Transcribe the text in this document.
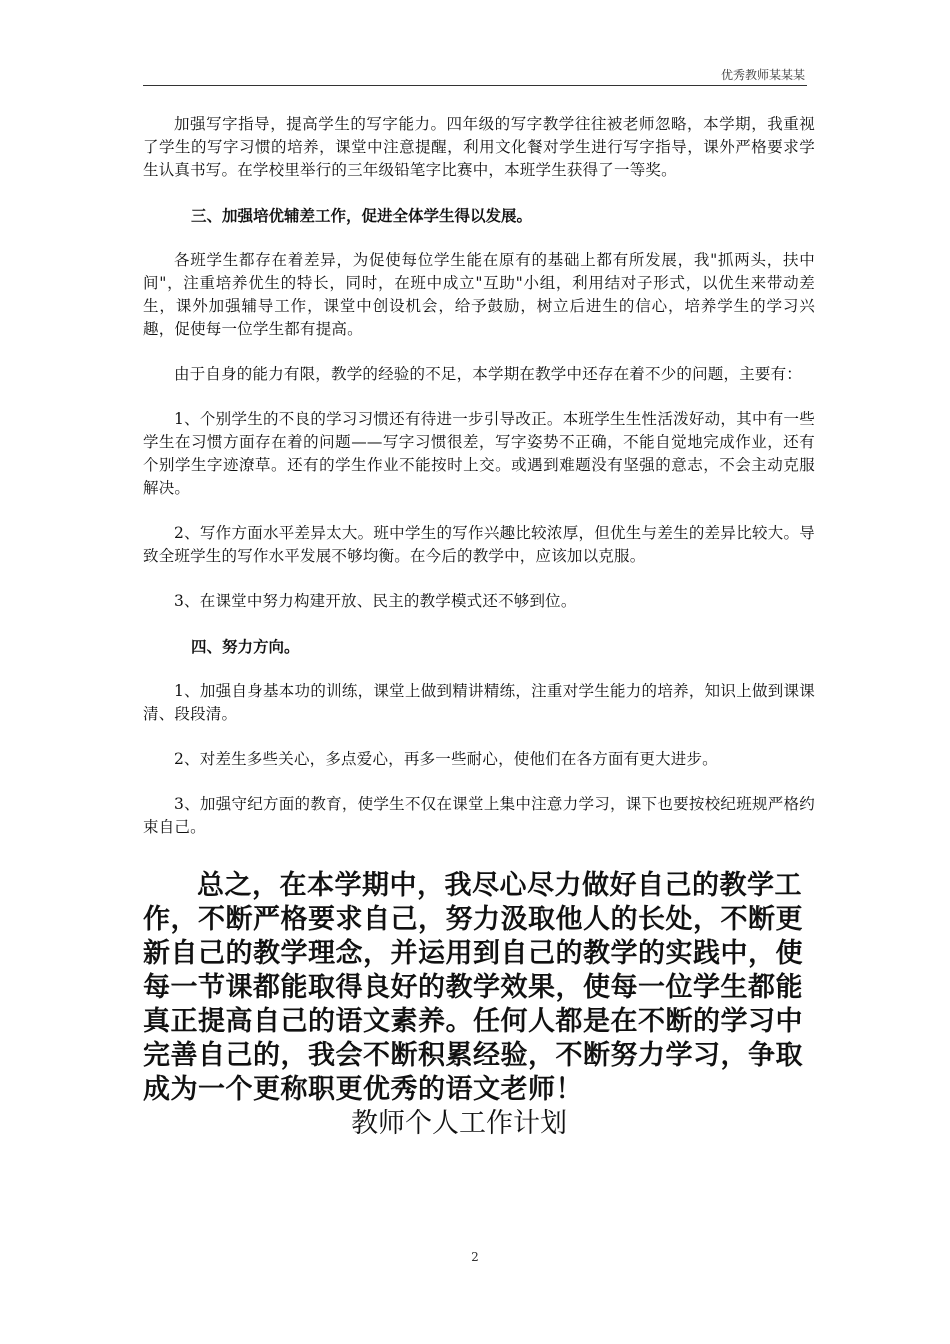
优秀教师某某某

加强写字指导，提高学生的写字能力。四年级的写字教学往往被老师忽略，本学期，我重视了学生的写字习惯的培养，课堂中注意提醒，利用文化餐对学生进行写字指导，课外严格要求学生认真书写。在学校里举行的三年级铅笔字比赛中，本班学生获得了一等奖。

三、加强培优辅差工作，促进全体学生得以发展。

各班学生都存在着差异，为促使每位学生能在原有的基础上都有所发展，我"抓两头，扶中间"，注重培养优生的特长，同时，在班中成立"互助"小组，利用结对子形式，以优生来带动差生，课外加强辅导工作，课堂中创设机会，给予鼓励，树立后进生的信心，培养学生的学习兴趣，促使每一位学生都有提高。

由于自身的能力有限，教学的经验的不足，本学期在教学中还存在着不少的问题，主要有：

1、个别学生的不良的学习习惯还有待进一步引导改正。本班学生生性活泼好动，其中有一些学生在习惯方面存在着的问题——写字习惯很差，写字姿势不正确，不能自觉地完成作业，还有个别学生字迹潦草。还有的学生作业不能按时上交。或遇到难题没有坚强的意志，不会主动克服解决。

2、写作方面水平差异太大。班中学生的写作兴趣比较浓厚，但优生与差生的差异比较大。导致全班学生的写作水平发展不够均衡。在今后的教学中，应该加以克服。

3、在课堂中努力构建开放、民主的教学模式还不够到位。

四、努力方向。

1、加强自身基本功的训练，课堂上做到精讲精练，注重对学生能力的培养，知识上做到课课清、段段清。

2、对差生多些关心，多点爱心，再多一些耐心，使他们在各方面有更大进步。

3、加强守纪方面的教育，使学生不仅在课堂上集中注意力学习，课下也要按校纪班规严格约束自己。

总之，在本学期中，我尽心尽力做好自己的教学工作，不断严格要求自己，努力汲取他人的长处，不断更新自己的教学理念，并运用到自己的教学的实践中，使每一节课都能取得良好的教学效果，使每一位学生都能真正提高自己的语文素养。任何人都是在不断的学习中完善自己的，我会不断积累经验，不断努力学习，争取成为一个更称职更优秀的语文老师！

教师个人工作计划

2
